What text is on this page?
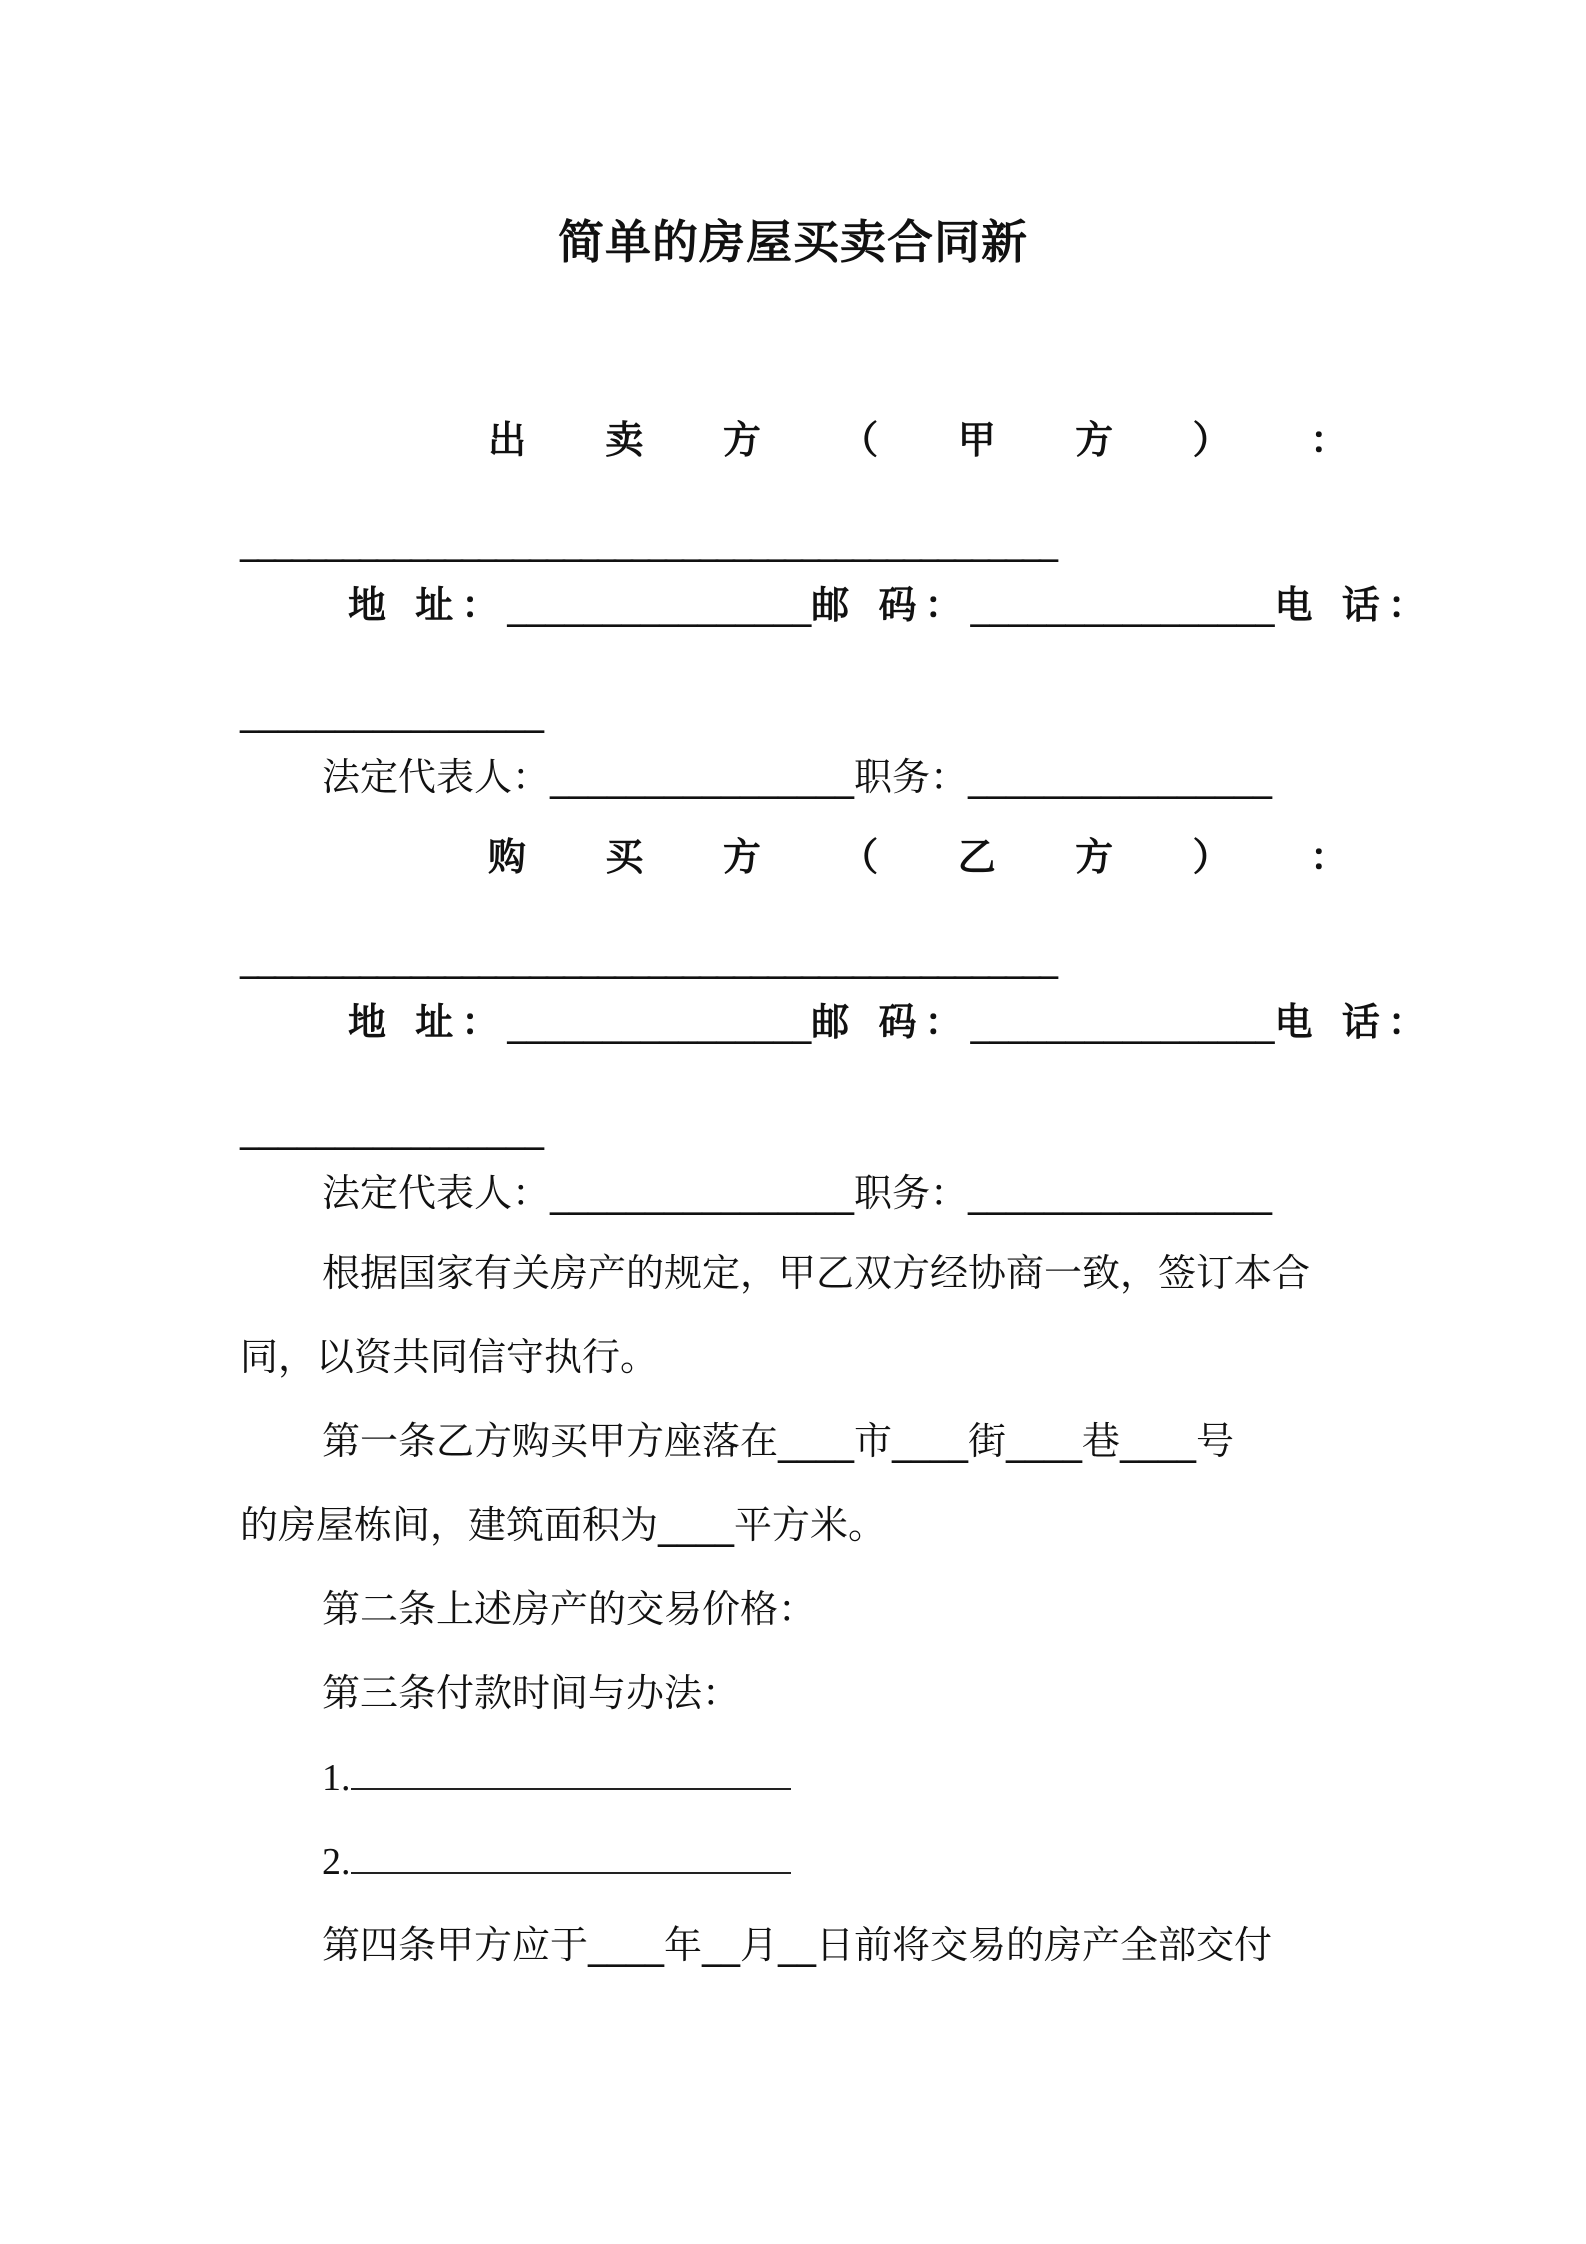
简单的房屋买卖合同新
出 卖 方 （ 甲 方 ） ：
________________________________________________
地 址：________________ 邮 码：________________ 电 话：
________________
法定代表人：________________职务：________________
购 买 方 （ 乙 方 ） ：
________________________________________________
地 址：________________ 邮 码：________________ 电 话：
________________
法定代表人：________________职务：________________
根据国家有关房产的规定，甲乙双方经协商一致，签订本合
同，以资共同信守执行。
第一条乙方购买甲方座落在____市____街____巷____号
的房屋栋间，建筑面积为____平方米。
第二条上述房产的交易价格：
第三条付款时间与办法：
1.
2.
第四条甲方应于____年__月__日前将交易的房产全部交付
